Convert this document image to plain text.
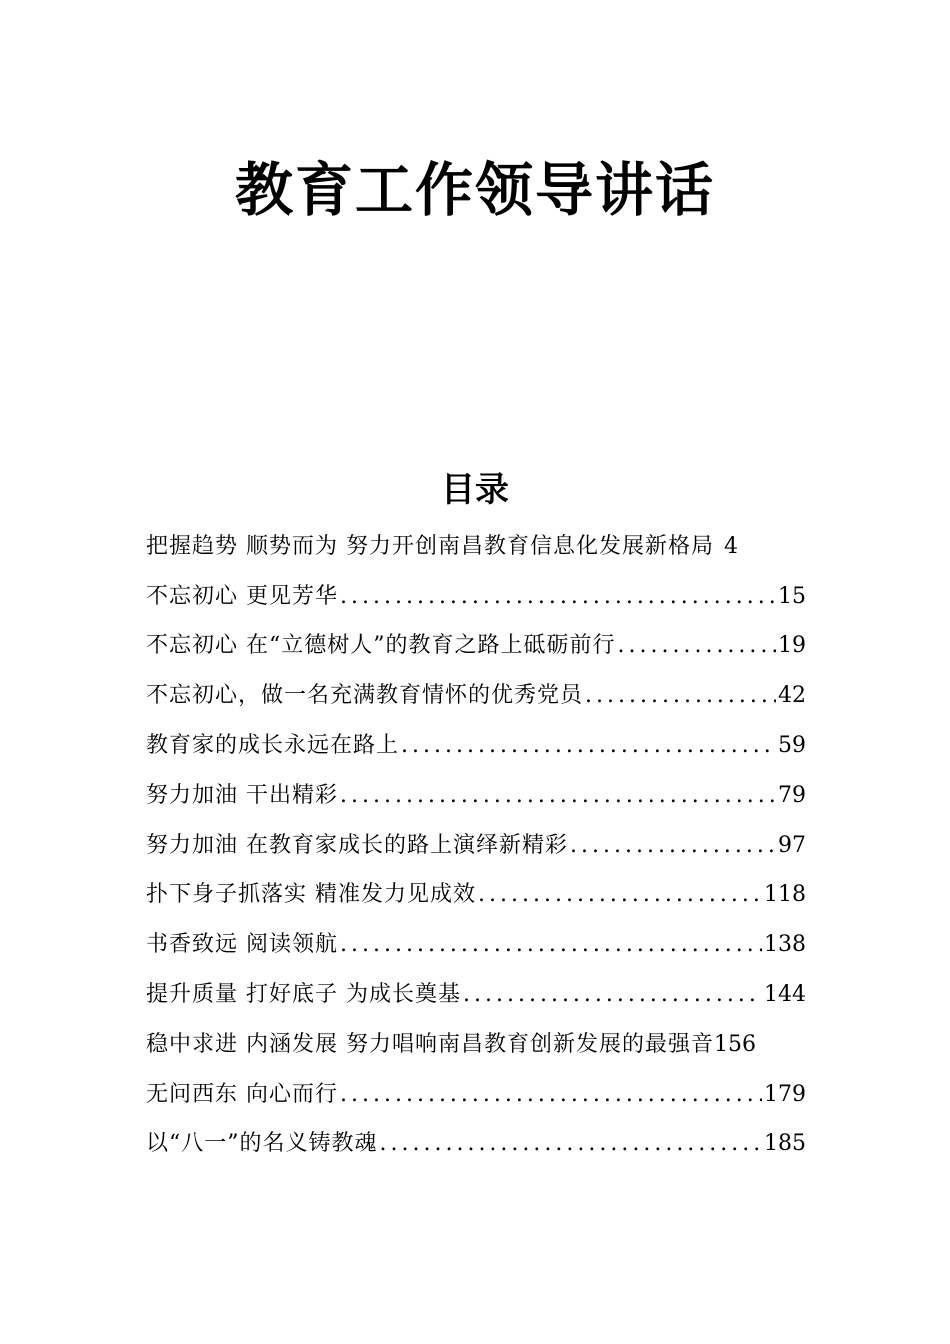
教育工作领导讲话
目录
把握趋势 顺势而为 努力开创南昌教育信息化发展新格局 4
不忘初心 更见芳华 .....	15
不忘初心 在“立德树人”的教育之路上砥砺前行 .....	19
不忘初心，做一名充满教育情怀的优秀党员 .....	42
教育家的成长永远在路上 .....	59
努力加油 干出精彩 .....	79
努力加油 在教育家成长的路上演绎新精彩 .....	97
扑下身子抓落实 精准发力见成效 .....	118
书香致远 阅读领航 .....	138
提升质量 打好底子 为成长奠基 .....	144
稳中求进 内涵发展 努力唱响南昌教育创新发展的最强音156
无问西东 向心而行 .....	179
以“八一”的名义铸教魂 .....	185
